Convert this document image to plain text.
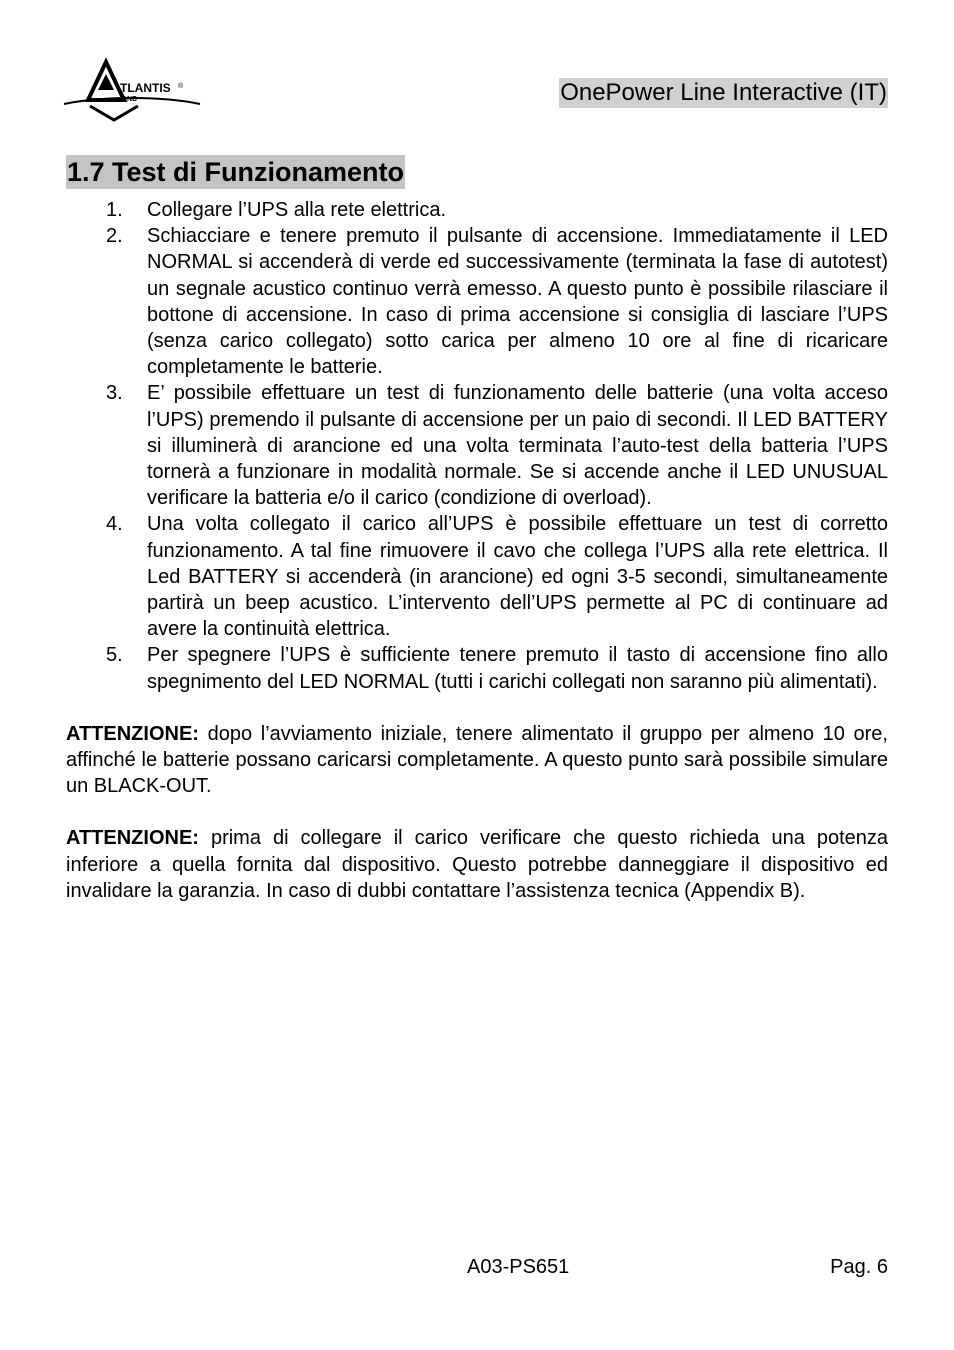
TLANTIS ®
AND	OnePower Line Interactive (IT)
1.7 Test di Funzionamento
1.	Collegare l’UPS alla rete elettrica.
2.	Schiacciare e tenere premuto il pulsante di accensione. Immediatamente il LED NORMAL si accenderà di verde ed successivamente (terminata la fase di autotest) un segnale acustico continuo verrà emesso. A questo punto è possibile rilasciare il bottone di accensione. In caso di prima accensione si consiglia di lasciare l’UPS (senza carico collegato) sotto carica per almeno 10 ore al fine di ricaricare completamente le batterie.
3.	E’ possibile effettuare un test di funzionamento delle batterie (una volta acceso l’UPS) premendo il pulsante di accensione per un paio di secondi. Il LED BATTERY si illuminerà di arancione ed una volta terminata l’auto-test della batteria l’UPS tornerà a funzionare in modalità normale. Se si accende anche il LED UNUSUAL verificare la batteria e/o il carico (condizione di overload).
4.	Una volta collegato il carico all’UPS è possibile effettuare un test di corretto funzionamento. A tal fine rimuovere il cavo che collega l’UPS alla rete elettrica. Il Led BATTERY si accenderà (in arancione) ed ogni 3-5 secondi, simultaneamente partirà un beep acustico. L’intervento dell’UPS permette al PC di continuare ad avere la continuità elettrica.
5.	Per spegnere l’UPS è sufficiente tenere premuto il tasto di accensione fino allo spegnimento del LED NORMAL (tutti i carichi collegati non saranno più alimentati).

ATTENZIONE: dopo l’avviamento iniziale, tenere alimentato il gruppo per almeno 10 ore, affinché le batterie possano caricarsi completamente. A questo punto sarà possibile simulare un BLACK-OUT.

ATTENZIONE: prima di collegare il carico verificare che questo richieda una potenza inferiore a quella fornita dal dispositivo. Questo potrebbe danneggiare il dispositivo ed invalidare la garanzia. In caso di dubbi contattare l’assistenza tecnica (Appendix B).

A03-PS651	Pag. 6
